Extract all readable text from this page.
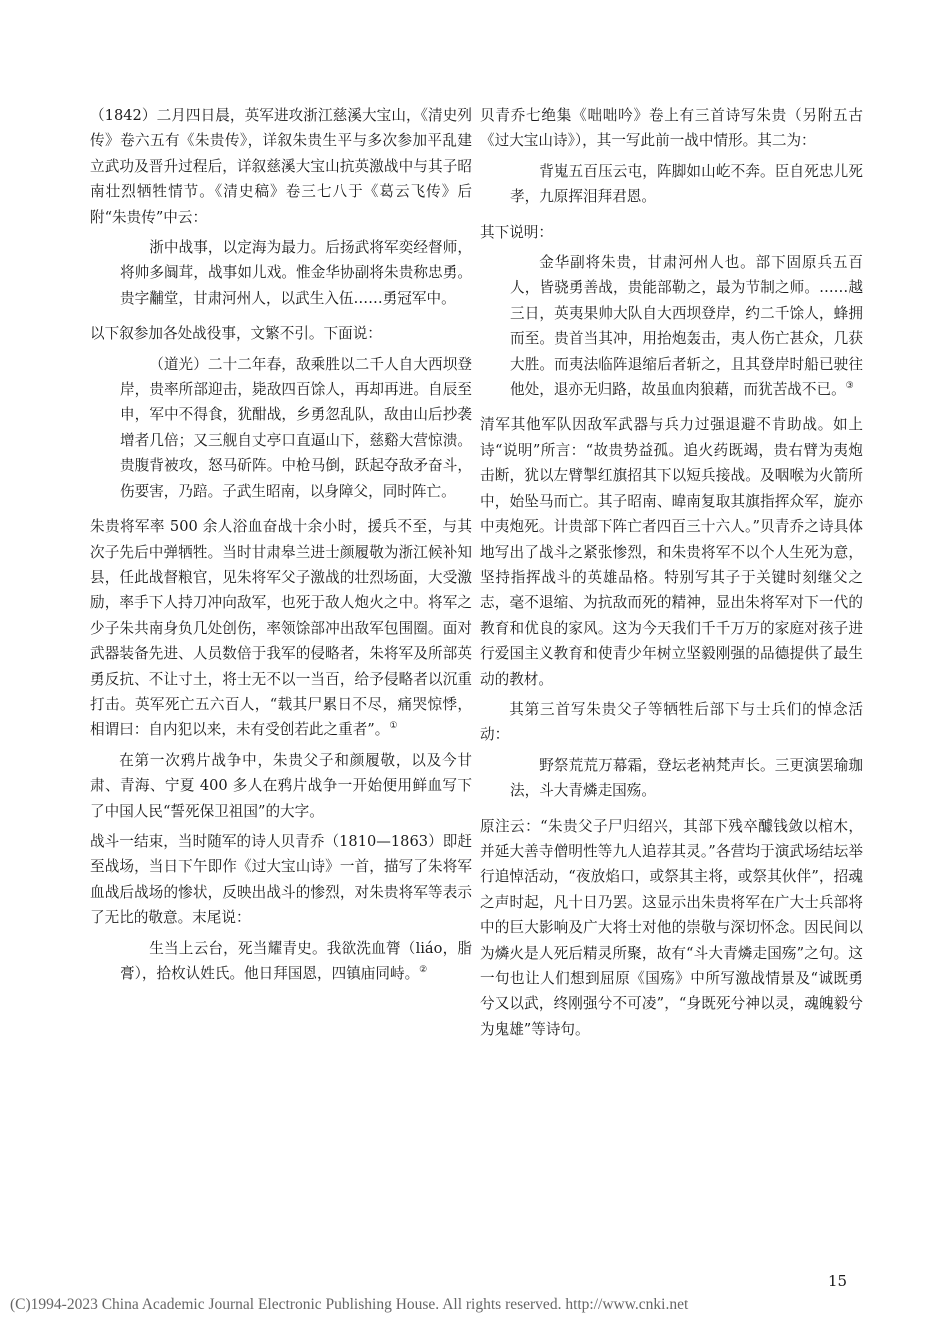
（1842）二月四日晨，英军进攻浙江慈溪大宝山，《清史列传》卷六五有《朱贵传》，详叙朱贵生平与多次参加平乱建立武功及晋升过程后，详叙慈溪大宝山抗英激战中与其子昭南壮烈牺牲情节。《清史稿》卷三七八于《葛云飞传》后附“朱贵传”中云：

浙中战事，以定海为最力。后扬武将军奕经督师，将帅多阘茸，战事如儿戏。惟金华协副将朱贵称忠勇。贵字黼堂，甘肃河州人，以武生入伍……勇冠军中。

以下叙参加各处战役事，文繁不引。下面说：

（道光）二十二年春，敌乘胜以二千人自大西坝登岸，贵率所部迎击，毙敌四百馀人，再却再进。自辰至申，军中不得食，犹酣战，乡勇忽乱队，敌由山后抄袭增者几倍；又三舰自丈亭口直逼山下，慈谿大营惊溃。贵腹背被攻，怒马斫阵。中枪马倒，跃起夺敌矛奋斗，伤要害，乃踣。子武生昭南，以身障父，同时阵亡。

朱贵将军率 500 余人浴血奋战十余小时，援兵不至，与其次子先后中弹牺牲。当时甘肃皋兰进士颜履敬为浙江候补知县，任此战督粮官，见朱将军父子激战的壮烈场面，大受激励，率手下人持刀冲向敌军，也死于敌人炮火之中。将军之少子朱共南身负几处创伤，率领馀部冲出敌军包围圈。面对武器装备先进、人员数倍于我军的侵略者，朱将军及所部英勇反抗、不让寸土，将士无不以一当百，给予侵略者以沉重打击。英军死亡五六百人，“载其尸累日不尽，痛哭惊悸，相谓曰：自内犯以来，未有受创若此之重者”。①

在第一次鸦片战争中，朱贵父子和颜履敬，以及今甘肃、青海、宁夏 400 多人在鸦片战争一开始便用鲜血写下了中国人民“誓死保卫祖国”的大字。

战斗一结束，当时随军的诗人贝青乔（1810—1863）即赶至战场，当日下午即作《过大宝山诗》一首，描写了朱将军血战后战场的惨状，反映出战斗的惨烈，对朱贵将军等表示了无比的敬意。末尾说：

生当上云台，死当耀青史。我欲洗血膂（liáo，脂膏），拾枚认姓氏。他日拜国恩，四镇庙同峙。②

贝青乔七绝集《咄咄吟》卷上有三首诗写朱贵（另附五古《过大宝山诗》），其一写此前一战中情形。其二为：

背嵬五百压云屯，阵脚如山屹不奔。臣自死忠儿死孝，九原挥泪拜君恩。

其下说明：

金华副将朱贵，甘肃河州人也。部下固原兵五百人，皆骁勇善战，贵能部勒之，最为节制之师。……越三日，英夷果帅大队自大西坝登岸，约二千馀人，蜂拥而至。贵首当其冲，用抬炮轰击，夷人伤亡甚众，几获大胜。而夷法临阵退缩后者斩之，且其登岸时船已驶往他处，退亦无归路，故虽血肉狼藉，而犹苦战不已。③

清军其他军队因敌军武器与兵力过强退避不肯助战。如上诗“说明”所言：“故贵势益孤。追火药既竭，贵右臂为夷炮击断，犹以左臂掣红旗招其下以短兵接战。及咽喉为火箭所中，始坠马而亡。其子昭南、暐南复取其旗指挥众军，旋亦中夷炮死。计贵部下阵亡者四百三十六人。”贝青乔之诗具体地写出了战斗之紧张惨烈，和朱贵将军不以个人生死为意，坚持指挥战斗的英雄品格。特别写其子于关键时刻继父之志，毫不退缩、为抗敌而死的精神，显出朱将军对下一代的教育和优良的家风。这为今天我们千千万万的家庭对孩子进行爱国主义教育和使青少年树立坚毅刚强的品德提供了最生动的教材。

其第三首写朱贵父子等牺牲后部下与士兵们的悼念活动：

野祭荒荒万幕霜，登坛老衲梵声长。三更演罢瑜珈法，斗大青燐走国殇。

原注云：“朱贵父子尸归绍兴，其部下残卒醵钱敛以棺木，并延大善寺僧明性等九人追荐其灵。”各营均于演武场结坛举行追悼活动，“夜放焰口，或祭其主将，或祭其伙伴”，招魂之声时起，凡十日乃罢。这显示出朱贵将军在广大士兵部将中的巨大影响及广大将士对他的崇敬与深切怀念。因民间以为燐火是人死后精灵所聚，故有“斗大青燐走国殇”之句。这一句也让人们想到屈原《国殇》中所写激战情景及“诚既勇兮又以武，终刚强兮不可凌”，“身既死兮神以灵，魂魄毅兮为鬼雄”等诗句。

15
(C)1994-2023 China Academic Journal Electronic Publishing House. All rights reserved. http://www.cnki.net
